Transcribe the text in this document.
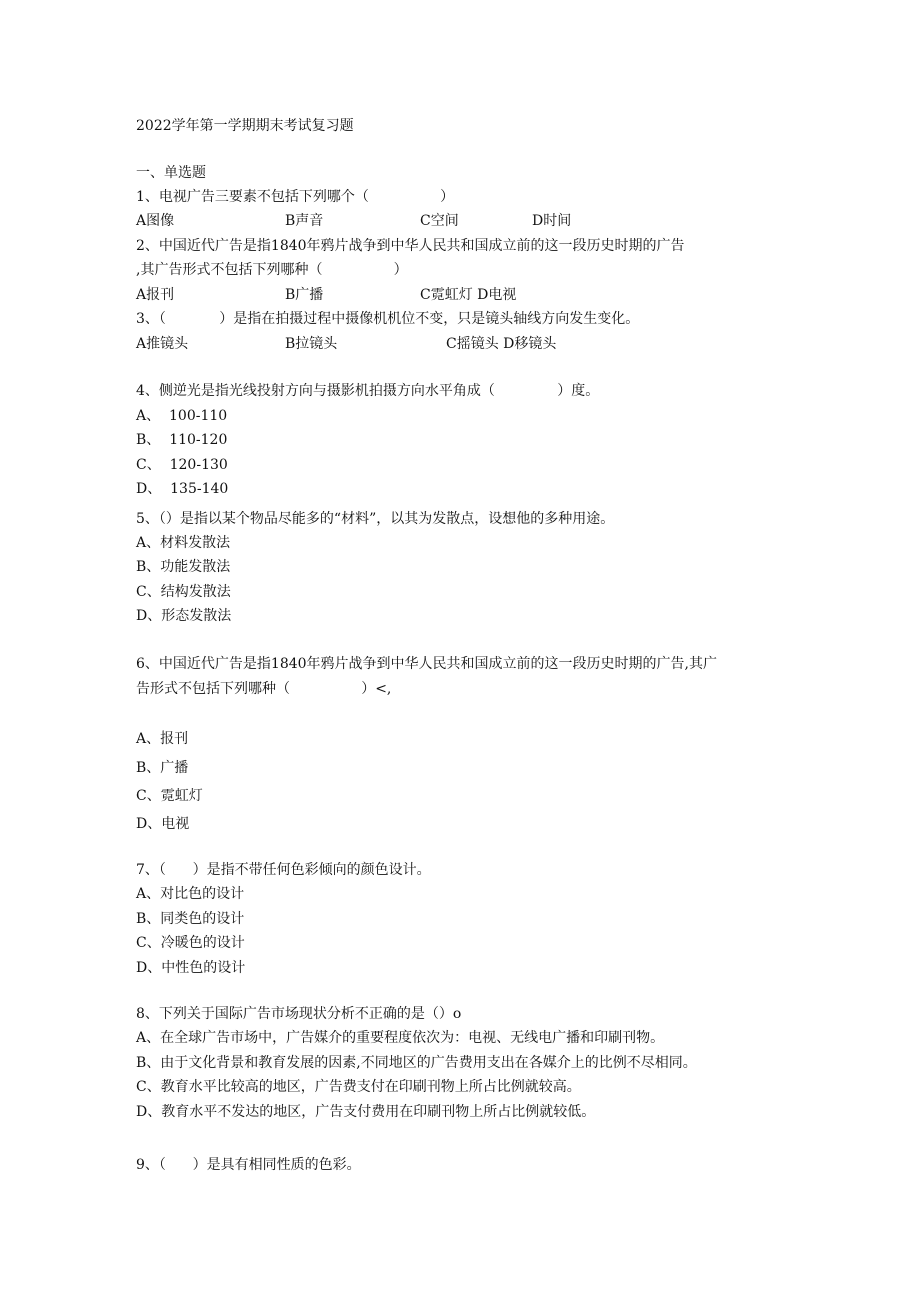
2022学年第一学期期末考试复习题
一、单选题
1、电视广告三要素不包括下列哪个（                ）
A图像	B声音	C空间	D时间
2、中国近代广告是指1840年鸦片战争到中华人民共和国成立前的这一段历史时期的广告
,其广告形式不包括下列哪种（                ）
A报刊	B广播	C霓虹灯 D电视
3、（            ）是指在拍摄过程中摄像机机位不变，只是镜头轴线方向发生变化。
A推镜头	B拉镜头	C摇镜头 D移镜头
4、侧逆光是指光线投射方向与摄影机拍摄方向水平角成（              ）度。
A、  100-110
B、  110-120
C、  120-130
D、  135-140
5、（）是指以某个物品尽能多的“材料”，以其为发散点，设想他的多种用途。
A、材料发散法
B、功能发散法
C、结构发散法
D、形态发散法
6、中国近代广告是指1840年鸦片战争到中华人民共和国成立前的这一段历史时期的广告,其广
告形式不包括下列哪种（                ）<,
A、报刊
B、广播
C、霓虹灯
D、电视
7、（      ）是指不带任何色彩倾向的颜色设计。
A、对比色的设计
B、同类色的设计
C、冷暖色的设计
D、中性色的设计
8、下列关于国际广告市场现状分析不正确的是（）o
A、在全球广告市场中，广告媒介的重要程度依次为：电视、无线电广播和印刷刊物。
B、由于文化背景和教育发展的因素,不同地区的广告费用支出在各媒介上的比例不尽相同。
C、教育水平比较高的地区，广告费支付在印刷刊物上所占比例就较高。
D、教育水平不发达的地区，广告支付费用在印刷刊物上所占比例就较低。
9、（      ）是具有相同性质的色彩。
